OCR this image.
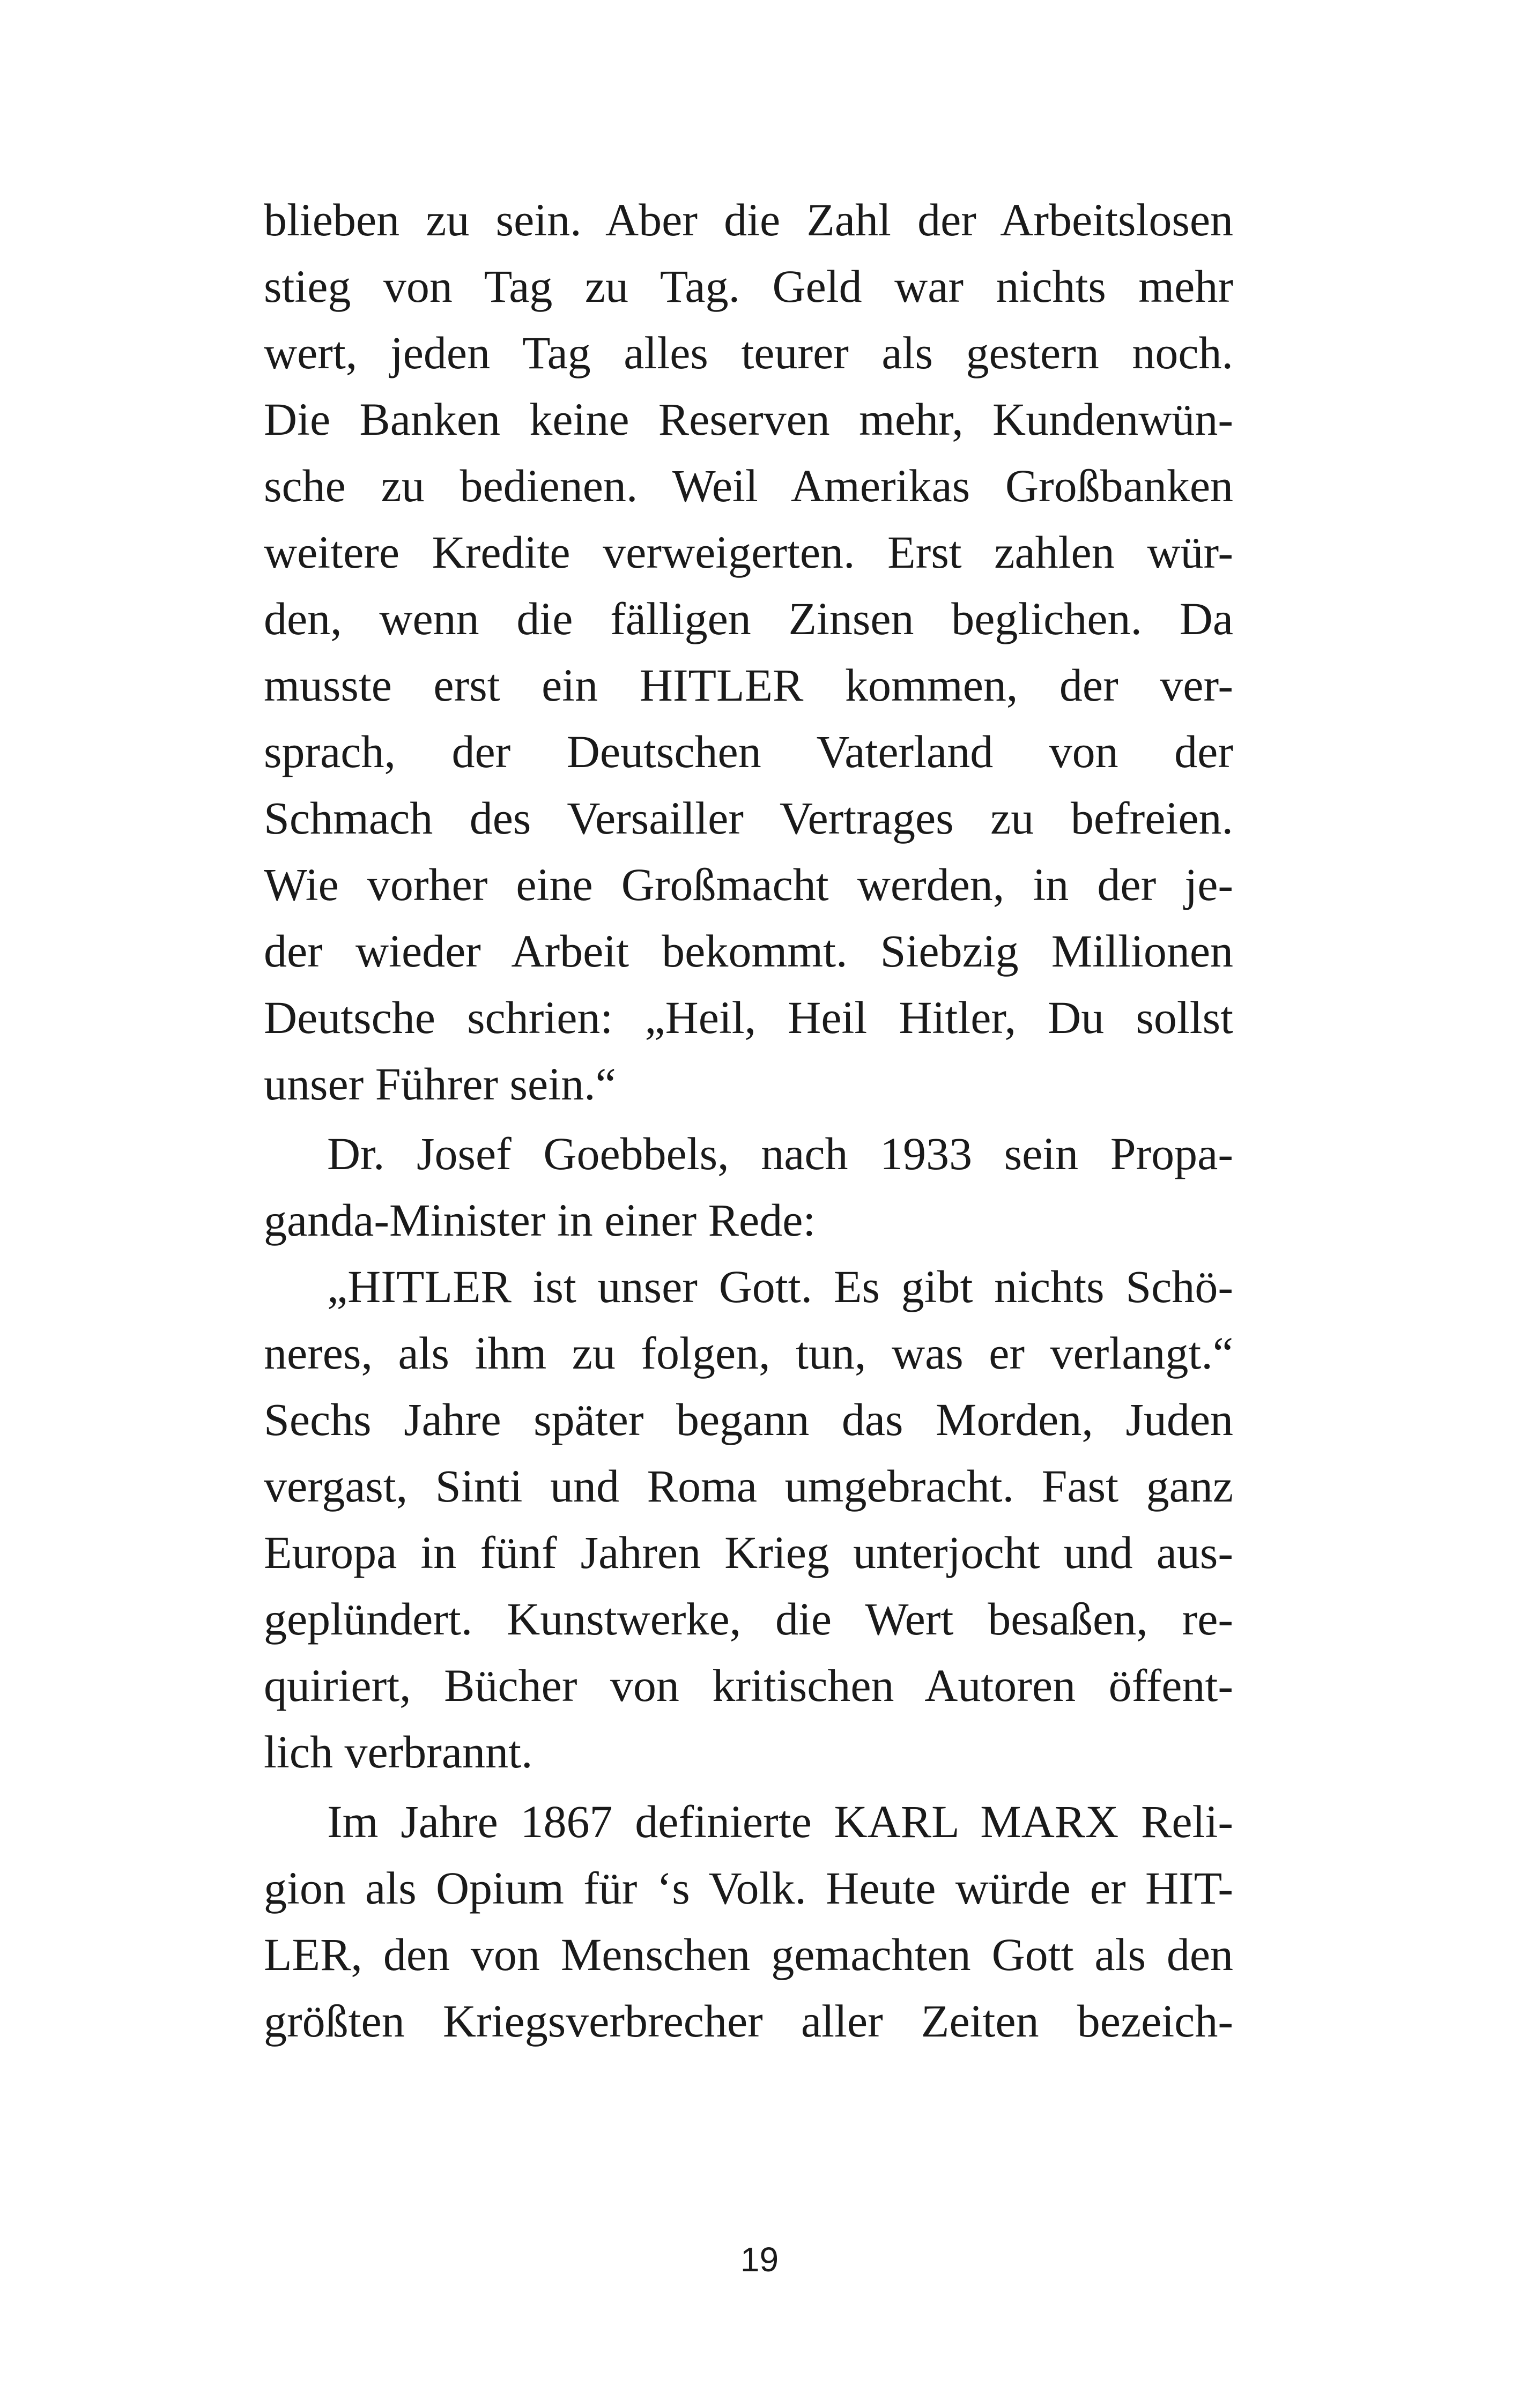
blieben zu sein. Aber die Zahl der Arbeitslosen
stieg von Tag zu Tag. Geld war nichts mehr
wert, jeden Tag alles teurer als gestern noch.
Die Banken keine Reserven mehr, Kundenwün-
sche zu bedienen. Weil Amerikas Großbanken
weitere Kredite verweigerten. Erst zahlen wür-
den, wenn die fälligen Zinsen beglichen. Da
musste erst ein HITLER kommen, der ver-
sprach, der Deutschen Vaterland von der
Schmach des Versailler Vertrages zu befreien.
Wie vorher eine Großmacht werden, in der je-
der wieder Arbeit bekommt. Siebzig Millionen
Deutsche schrien: „Heil, Heil Hitler, Du sollst
unser Führer sein.“
Dr. Josef Goebbels, nach 1933 sein Propa-
ganda-Minister in einer Rede:
„HITLER ist unser Gott. Es gibt nichts Schö-
neres, als ihm zu folgen, tun, was er verlangt.“
Sechs Jahre später begann das Morden, Juden
vergast, Sinti und Roma umgebracht. Fast ganz
Europa in fünf Jahren Krieg unterjocht und aus-
geplündert. Kunstwerke, die Wert besaßen, re-
quiriert, Bücher von kritischen Autoren öffent-
lich verbrannt.
Im Jahre 1867 definierte KARL MARX Reli-
gion als Opium für ‘s Volk. Heute würde er HIT-
LER, den von Menschen gemachten Gott als den
größten Kriegsverbrecher aller Zeiten bezeich-
19
